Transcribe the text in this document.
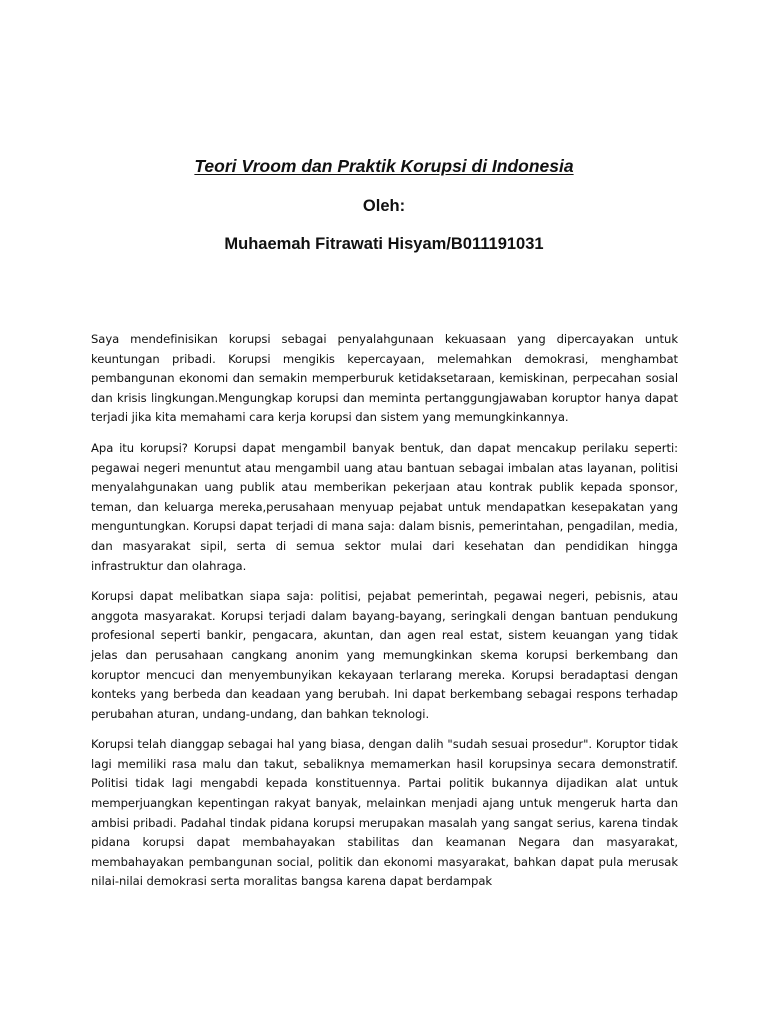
Teori Vroom dan Praktik Korupsi di Indonesia
Oleh:
Muhaemah Fitrawati Hisyam/B011191031

Saya mendefinisikan korupsi sebagai penyalahgunaan kekuasaan yang dipercayakan untuk keuntungan pribadi. Korupsi mengikis kepercayaan, melemahkan demokrasi, menghambat pembangunan ekonomi dan semakin memperburuk ketidaksetaraan, kemiskinan, perpecahan sosial dan krisis lingkungan.Mengungkap korupsi dan meminta pertanggungjawaban koruptor hanya dapat terjadi jika kita memahami cara kerja korupsi dan sistem yang memungkinkannya.

Apa itu korupsi? Korupsi dapat mengambil banyak bentuk, dan dapat mencakup perilaku seperti: pegawai negeri menuntut atau mengambil uang atau bantuan sebagai imbalan atas layanan, politisi menyalahgunakan uang publik atau memberikan pekerjaan atau kontrak publik kepada sponsor, teman, dan keluarga mereka,perusahaan menyuap pejabat untuk mendapatkan kesepakatan yang menguntungkan. Korupsi dapat terjadi di mana saja: dalam bisnis, pemerintahan, pengadilan, media, dan masyarakat sipil, serta di semua sektor mulai dari kesehatan dan pendidikan hingga infrastruktur dan olahraga.

Korupsi dapat melibatkan siapa saja: politisi, pejabat pemerintah, pegawai negeri, pebisnis, atau anggota masyarakat. Korupsi terjadi dalam bayang-bayang, seringkali dengan bantuan pendukung profesional seperti bankir, pengacara, akuntan, dan agen real estat, sistem keuangan yang tidak jelas dan perusahaan cangkang anonim yang memungkinkan skema korupsi berkembang dan koruptor mencuci dan menyembunyikan kekayaan terlarang mereka. Korupsi beradaptasi dengan konteks yang berbeda dan keadaan yang berubah. Ini dapat berkembang sebagai respons terhadap perubahan aturan, undang-undang, dan bahkan teknologi.

Korupsi telah dianggap sebagai hal yang biasa, dengan dalih "sudah sesuai prosedur". Koruptor tidak lagi memiliki rasa malu dan takut, sebaliknya memamerkan hasil korupsinya secara demonstratif. Politisi tidak lagi mengabdi kepada konstituennya. Partai politik bukannya dijadikan alat untuk memperjuangkan kepentingan rakyat banyak, melainkan menjadi ajang untuk mengeruk harta dan ambisi pribadi. Padahal tindak pidana korupsi merupakan masalah yang sangat serius, karena tindak pidana korupsi dapat membahayakan stabilitas dan keamanan Negara dan masyarakat, membahayakan pembangunan social, politik dan ekonomi masyarakat, bahkan dapat pula merusak nilai-nilai demokrasi serta moralitas bangsa karena dapat berdampak
